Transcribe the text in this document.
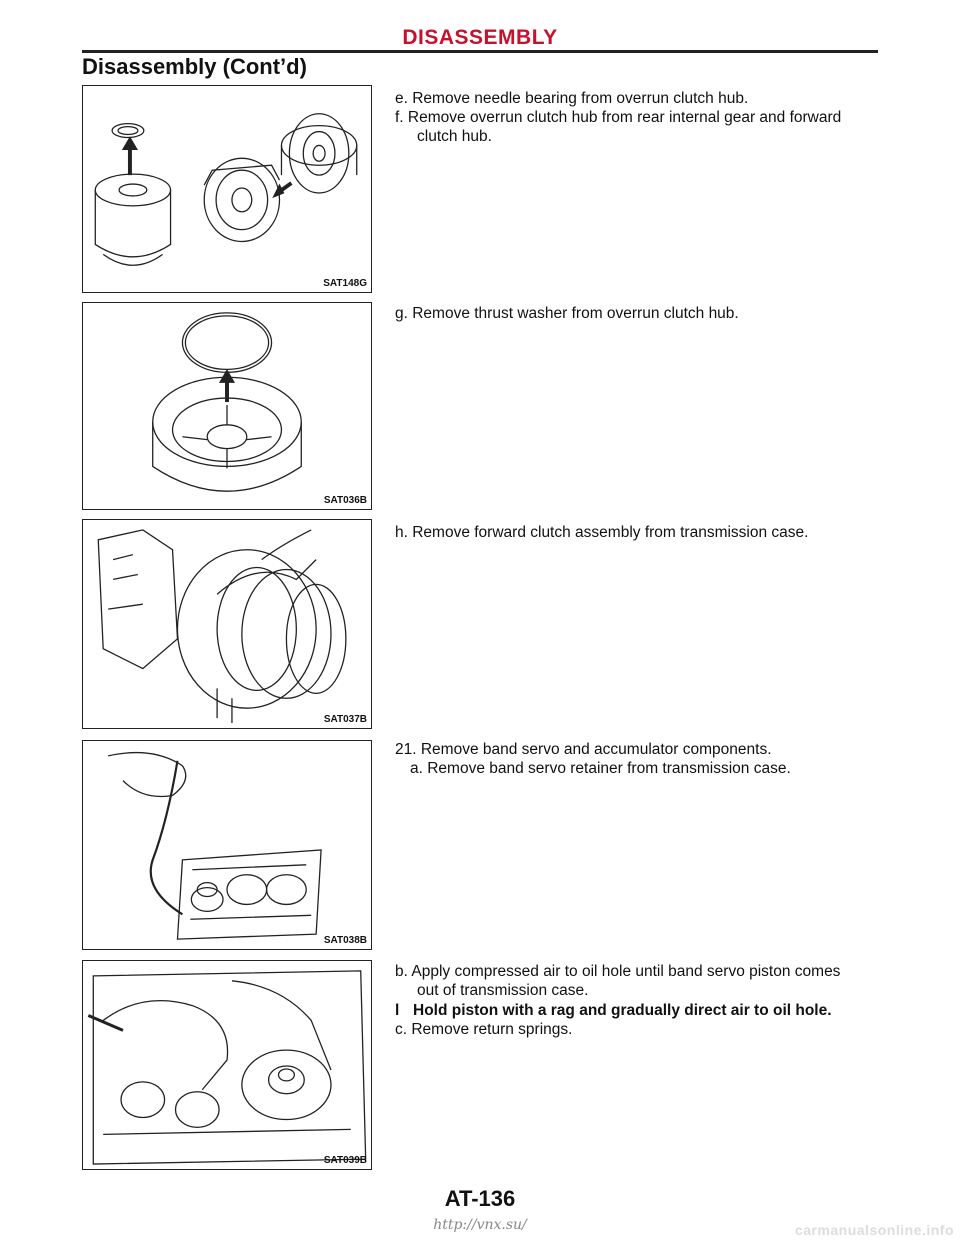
DISASSEMBLY
Disassembly (Cont’d)
SAT148G
SAT036B
SAT037B
SAT038B
SAT039B
e. Remove needle bearing from overrun clutch hub.
f. Remove overrun clutch hub from rear internal gear and forward
clutch hub.
g. Remove thrust washer from overrun clutch hub.
h. Remove forward clutch assembly from transmission case.
21. Remove band servo and accumulator components.
a. Remove band servo retainer from transmission case.
b. Apply compressed air to oil hole until band servo piston comes
out of transmission case.
l Hold piston with a rag and gradually direct air to oil hole.
c. Remove return springs.
AT-136
http://vnx.su/	carmanualsonline.info
